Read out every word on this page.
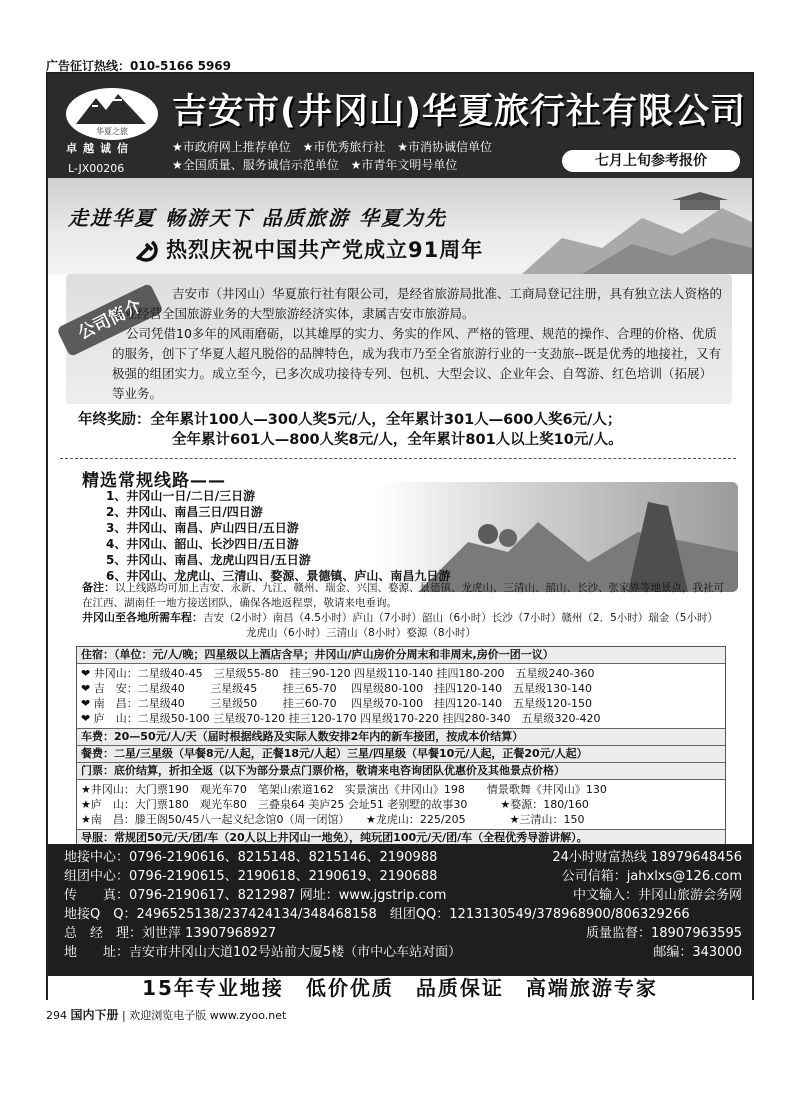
广告征订热线：010-5166 5969
华夏之旅
卓越诚信
L-JX00206
吉安市(井冈山)华夏旅行社有限公司
★市政府网上推荐单位 ★市优秀旅行社 ★市消协诚信单位
★全国质量、服务诚信示范单位 ★市青年文明号单位	七月上旬参考报价
走进华夏 畅游天下 品质旅游 华夏为先
热烈庆祝中国共产党成立91周年
公司简介

吉安市（井冈山）华夏旅行社有限公司，是经省旅游局批准、工商局登记注册，具有独立法人资格的专业经营全国旅游业务的大型旅游经济实体，隶属吉安市旅游局。

公司凭借10多年的风雨磨砺，以其雄厚的实力、务实的作风、严格的管理、规范的操作、合理的价格、优质的服务，创下了华夏人超凡脱俗的品牌特色，成为我市乃至全省旅游行业的一支劲旅--既是优秀的地接社，又有极强的组团实力。成立至今，已多次成功接待专列、包机、大型会议、企业年会、自驾游、红色培训（拓展）等业务。

年终奖励：全年累计100人—300人奖5元/人，全年累计301人—600人奖6元/人；
全年累计601人—800人奖8元/人，全年累计801人以上奖10元/人。
精选常规线路——
1、井冈山一日/二日/三日游
2、井冈山、南昌三日/四日游
3、井冈山、南昌、庐山四日/五日游
4、井冈山、韶山、长沙四日/五日游
5、井冈山、南昌、龙虎山四日/五日游
6、井冈山、龙虎山、三清山、婺源、景德镇、庐山、南昌九日游
备注：以上线路均可加上吉安、永新、九江、赣州、瑞金、兴国、婺源、景德镇、龙虎山、三清山、韶山、长沙、张家界等地景点，我社可在江西、湖南任一地方接送团队，确保各地返程票，敬请来电垂询。
井冈山至各地所需车程：吉安（2小时）南昌（4.5小时）庐山（7小时）韶山（6小时）长沙（7小时）赣州（2．5小时）瑞金（5小时）
龙虎山（6小时）三清山（8小时）婺源（8小时）
住宿：（单位：元/人/晚；四星级以上酒店含早；井冈山/庐山房价分周末和非周末,房价一团一议）
❤ 井冈山：二星级40-45　三星级55-80　挂三90-120 四星级110-140 挂四180-200　五星级240-360
❤ 吉　安：二星级40　　 三星级45　　 挂三65-70　 四星级80-100　挂四120-140　五星级130-140
❤ 南　昌：二星级40　　 三星级50　　 挂三60-70　 四星级70-100　挂四120-140　五星级120-150
❤ 庐　山：二星级50-100 三星级70-120 挂三120-170 四星级170-220 挂四280-340　五星级320-420
车费：20—50元/人/天（届时根据线路及实际人数安排2年内的新车接团，按成本价结算）
餐费：二星/三星级（早餐8元/人起，正餐18元/人起）三星/四星级（早餐10元/人起，正餐20元/人起）
门票：底价结算，折扣全返（以下为部分景点门票价格，敬请来电咨询团队优惠价及其他景点价格）
★井冈山：大门票190　观光车70　笔架山索道162　实景演出《井冈山》198　　情景歌舞《井冈山》130
★庐　山：大门票180　观光车80　三叠泉64 美庐25 会址51 老别墅的故事30　　　★婺源：180/160
★南　昌：滕王阁50/45八一起义纪念馆0（周一闭馆）　　★龙虎山：225/205　　　　★三清山：150
导服：常规团50元/天/团/车（20人以上井冈山一地免），纯玩团100元/天/团/车（全程优秀导游讲解）。
地接中心：0796-2190616、8215148、8215146、2190988	24小时财富热线 18979648456
组团中心：0796-2190615、2190618、2190619、2190688	公司信箱：jahxlxs@126.com
传　　真：0796-2190617、8212987 网址：www.jgstrip.com	中文输入：井冈山旅游会务网
地接Q　Q：2496525138/237424134/348468158　组团QQ：1213130549/378968900/806329266
总　经　理：刘世萍 13907968927	质量监督：18907963595
地　　址：吉安市井冈山大道102号站前大厦5楼（市中心车站对面）	邮编：343000
15年专业地接　低价优质　品质保证　高端旅游专家
294 国内下册 | 欢迎浏览电子版 www.zyoo.net
